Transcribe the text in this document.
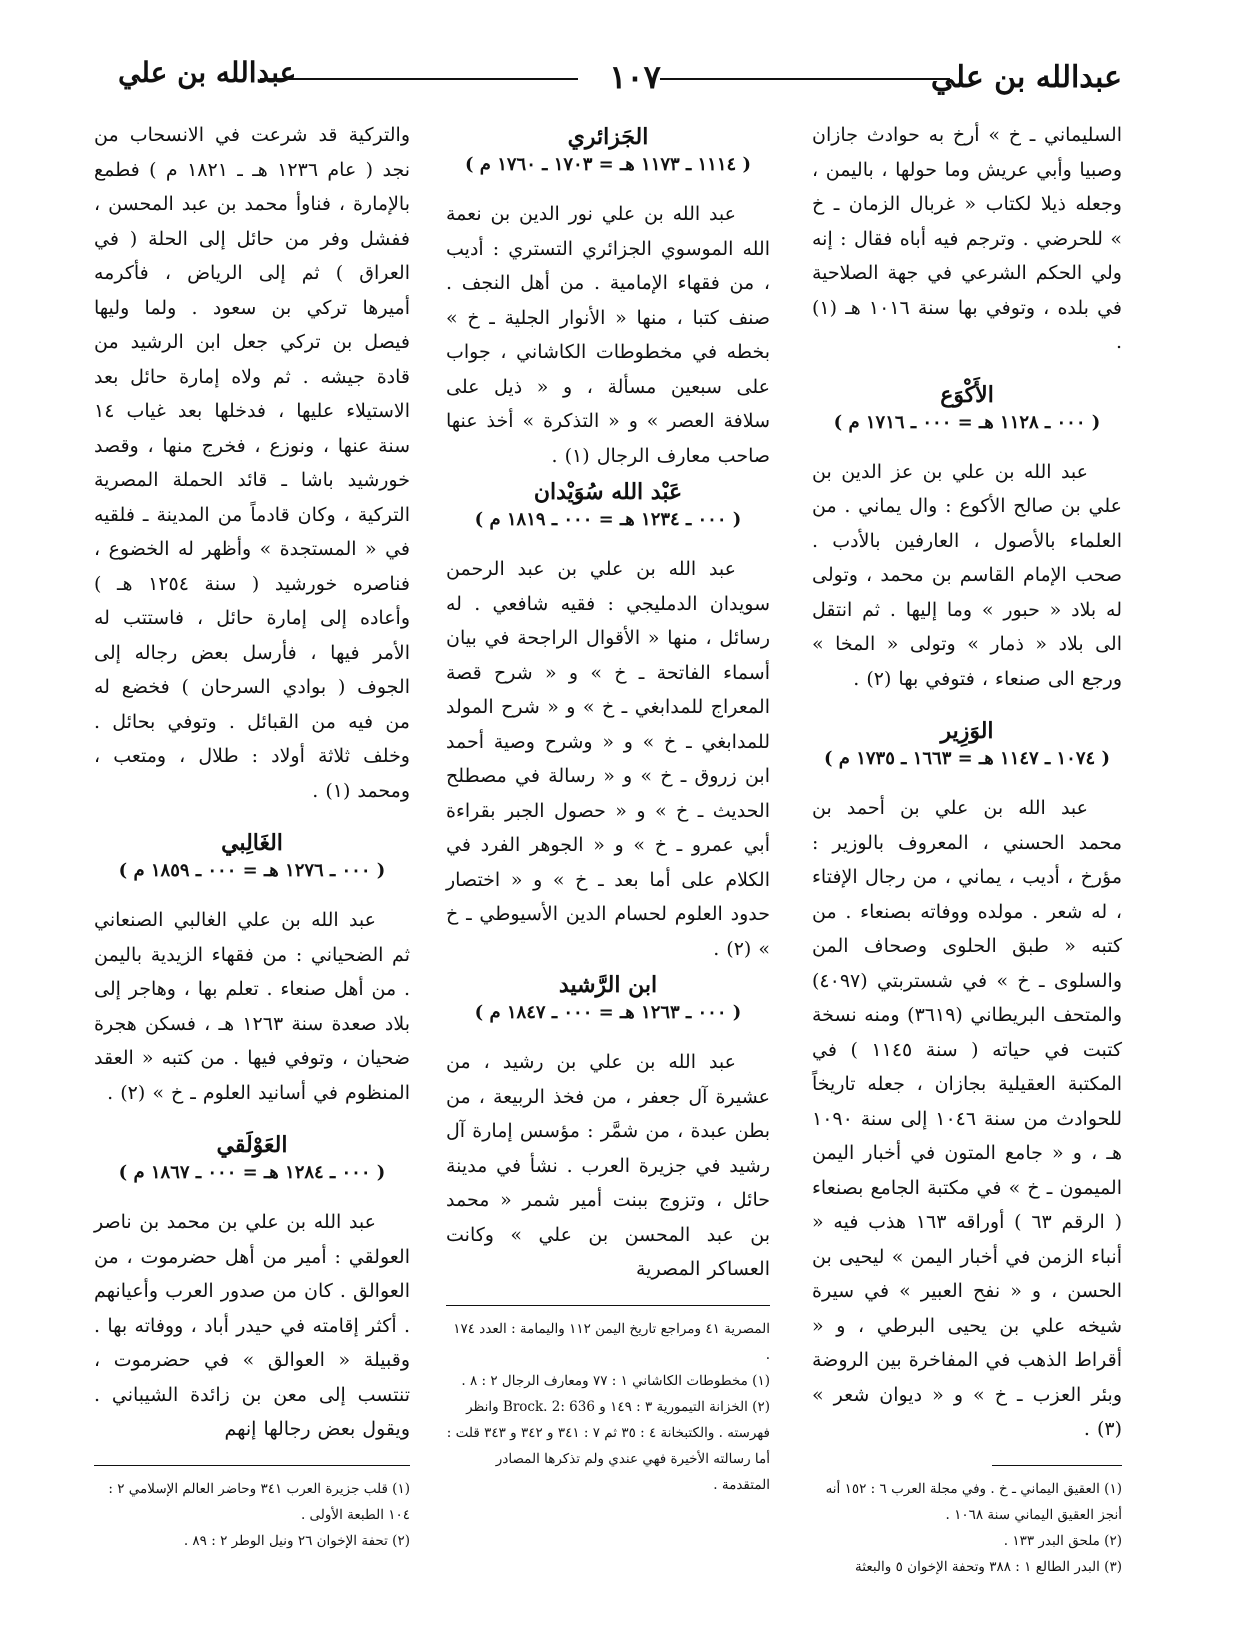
عبدالله بن علي
١٠٧
عبدالله بن علي

السليماني ـ خ » أرخ به حوادث جازان وصبيا وأبي عريش وما حولها ، باليمن ، وجعله ذيلا لكتاب « غربال الزمان ـ خ » للحرضي . وترجم فيه أباه فقال : إنه ولي الحكم الشرعي في جهة الصلاحية في بلده ، وتوفي بها سنة ١٠١٦ هـ (١) .

الأَكْوَع
( ٠٠٠ ـ ١١٢٨ هـ = ٠٠٠ ـ ١٧١٦ م )

عبد الله بن علي بن عز الدين بن علي بن صالح الأكوع : وال يماني . من العلماء بالأصول ، العارفين بالأدب . صحب الإمام القاسم بن محمد ، وتولى له بلاد « حبور » وما إليها . ثم انتقل الى بلاد « ذمار » وتولى « المخا » ورجع الى صنعاء ، فتوفي بها (٢) .

الوَزِير
( ١٠٧٤ ـ ١١٤٧ هـ = ١٦٦٣ ـ ١٧٣٥ م )

عبد الله بن علي بن أحمد بن محمد الحسني ، المعروف بالوزير : مؤرخ ، أديب ، يماني ، من رجال الإفتاء ، له شعر . مولده ووفاته بصنعاء . من كتبه « طبق الحلوى وصحاف المن والسلوى ـ خ » في شستربتي (٤٠٩٧) والمتحف البريطاني (٣٦١٩) ومنه نسخة كتبت في حياته ( سنة ١١٤٥ ) في المكتبة العقيلية بجازان ، جعله تاريخاً للحوادث من سنة ١٠٤٦ إلى سنة ١٠٩٠ هـ ، و « جامع المتون في أخبار اليمن الميمون ـ خ » في مكتبة الجامع بصنعاء ( الرقم ٦٣ ) أوراقه ١٦٣ هذب فيه « أنباء الزمن في أخبار اليمن » ليحيى بن الحسن ، و « نفح العبير » في سيرة شيخه علي بن يحيى البرطي ، و « أقراط الذهب في المفاخرة بين الروضة وبئر العزب ـ خ » و « ديوان شعر » (٣) .

(١) العقيق اليماني ـ خ . وفي مجلة العرب ٦ : ١٥٢ أنه أنجز العقيق اليماني سنة ١٠٦٨ .

(٢) ملحق البدر ١٣٣ .

(٣) البدر الطالع ١ : ٣٨٨ وتحفة الإخوان ٥ والبعثة

الجَزائري
( ١١١٤ ـ ١١٧٣ هـ = ١٧٠٣ ـ ١٧٦٠ م )

عبد الله بن علي نور الدين بن نعمة الله الموسوي الجزائري التستري : أديب ، من فقهاء الإمامية . من أهل النجف . صنف كتبا ، منها « الأنوار الجلية ـ خ » بخطه في مخطوطات الكاشاني ، جواب على سبعين مسألة ، و « ذيل على سلافة العصر » و « التذكرة » أخذ عنها صاحب معارف الرجال (١) .

عَبْد الله سُوَيْدان
( ٠٠٠ ـ ١٢٣٤ هـ = ٠٠٠ ـ ١٨١٩ م )

عبد الله بن علي بن عبد الرحمن سويدان الدمليجي : فقيه شافعي . له رسائل ، منها « الأقوال الراجحة في بيان أسماء الفاتحة ـ خ » و « شرح قصة المعراج للمدابغي ـ خ » و « شرح المولد للمدابغي ـ خ » و « وشرح وصية أحمد ابن زروق ـ خ » و « رسالة في مصطلح الحديث ـ خ » و « حصول الجبر بقراءة أبي عمرو ـ خ » و « الجوهر الفرد في الكلام على أما بعد ـ خ » و « اختصار حدود العلوم لحسام الدين الأسيوطي ـ خ » (٢) .

ابن الرَّشيد
( ٠٠٠ ـ ١٢٦٣ هـ = ٠٠٠ ـ ١٨٤٧ م )

عبد الله بن علي بن رشيد ، من عشيرة آل جعفر ، من فخذ الربيعة ، من بطن عبدة ، من شمَّر : مؤسس إمارة آل رشيد في جزيرة العرب . نشأ في مدينة حائل ، وتزوج ببنت أمير شمر « محمد بن عبد المحسن بن علي » وكانت العساكر المصرية

المصرية ٤١ ومراجع تاريخ اليمن ١١٢ واليمامة : العدد ١٧٤ .

(١) مخطوطات الكاشاني ١ : ٧٧ ومعارف الرجال ٢ : ٨ .

(٢) الخزانة التيمورية ٣ : ١٤٩ و Brock. 2: 636 وانظر فهرسته . والكتبخانة ٤ : ٣٥ ثم ٧ : ٣٤١ و ٣٤٢ و ٣٤٣ قلت : أما رسالته الأخيرة فهي عندي ولم تذكرها المصادر المتقدمة .

والتركية قد شرعت في الانسحاب من نجد ( عام ١٢٣٦ هـ ـ ١٨٢١ م ) فطمع بالإمارة ، فناوأ محمد بن عبد المحسن ، ففشل وفر من حائل إلى الحلة ( في العراق ) ثم إلى الرياض ، فأكرمه أميرها تركي بن سعود . ولما وليها فيصل بن تركي جعل ابن الرشيد من قادة جيشه . ثم ولاه إمارة حائل بعد الاستيلاء عليها ، فدخلها بعد غياب ١٤ سنة عنها ، ونوزع ، فخرج منها ، وقصد خورشيد باشا ـ قائد الحملة المصرية التركية ، وكان قادماً من المدينة ـ فلقيه في « المستجدة » وأظهر له الخضوع ، فناصره خورشيد ( سنة ١٢٥٤ هـ ) وأعاده إلى إمارة حائل ، فاستتب له الأمر فيها ، فأرسل بعض رجاله إلى الجوف ( بوادي السرحان ) فخضع له من فيه من القبائل . وتوفي بحائل . وخلف ثلاثة أولاد : طلال ، ومتعب ، ومحمد (١) .

الغَالِبي
( ٠٠٠ ـ ١٢٧٦ هـ = ٠٠٠ ـ ١٨٥٩ م )

عبد الله بن علي الغالبي الصنعاني ثم الضحياني : من فقهاء الزيدية باليمن . من أهل صنعاء . تعلم بها ، وهاجر إلى بلاد صعدة سنة ١٢٦٣ هـ ، فسكن هجرة ضحيان ، وتوفي فيها . من كتبه « العقد المنظوم في أسانيد العلوم ـ خ » (٢) .

العَوْلَقي
( ٠٠٠ ـ ١٢٨٤ هـ = ٠٠٠ ـ ١٨٦٧ م )

عبد الله بن علي بن محمد بن ناصر العولقي : أمير من أهل حضرموت ، من العوالق . كان من صدور العرب وأعيانهم . أكثر إقامته في حيدر أباد ، ووفاته بها . وقبيلة « العوالق » في حضرموت ، تنتسب إلى معن بن زائدة الشيباني . ويقول بعض رجالها إنهم

(١) قلب جزيرة العرب ٣٤١ وحاضر العالم الإسلامي ٢ : ١٠٤ الطبعة الأولى .

(٢) تحفة الإخوان ٢٦ ونيل الوطر ٢ : ٨٩ .
